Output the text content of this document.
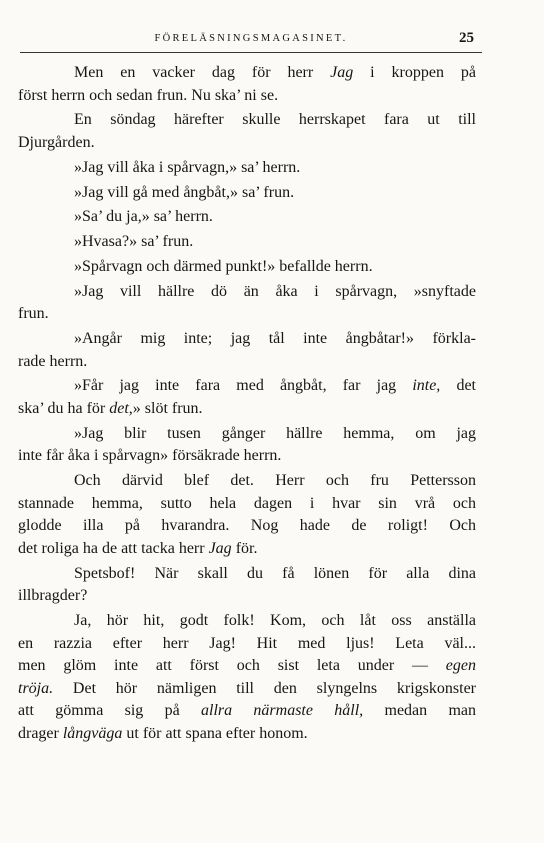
FÖRELÄSNINGSMAGASINET.	25
Men en vacker dag för herr Jag i kroppen på
först herrn och sedan frun. Nu ska’ ni se.
En söndag härefter skulle herrskapet fara ut till
Djurgården.
»Jag vill åka i spårvagn,» sa’ herrn.
»Jag vill gå med ångbåt,» sa’ frun.
»Sa’ du ja,» sa’ herrn.
»Hvasa?» sa’ frun.
»Spårvagn och därmed punkt!» befallde herrn.
»Jag vill hällre dö än åka i spårvagn, »snyftade
frun.
»Angår mig inte; jag tål inte ångbåtar!» förkla-
rade herrn.
»Får jag inte fara med ångbåt, far jag inte, det
ska’ du ha för det,» slöt frun.
»Jag blir tusen gånger hällre hemma, om jag
inte får åka i spårvagn» försäkrade herrn.
Och därvid blef det. Herr och fru Pettersson
stannade hemma, sutto hela dagen i hvar sin vrå och
glodde illa på hvarandra. Nog hade de roligt! Och
det roliga ha de att tacka herr Jag för.
Spetsbof! När skall du få lönen för alla dina
illbragder?
Ja, hör hit, godt folk! Kom, och låt oss anställa
en razzia efter herr Jag! Hit med ljus! Leta väl...
men glöm inte att först och sist leta under — egen
tröja. Det hör nämligen till den slyngelns krigskonster
att gömma sig på allra närmaste håll, medan man
drager långväga ut för att spana efter honom.
